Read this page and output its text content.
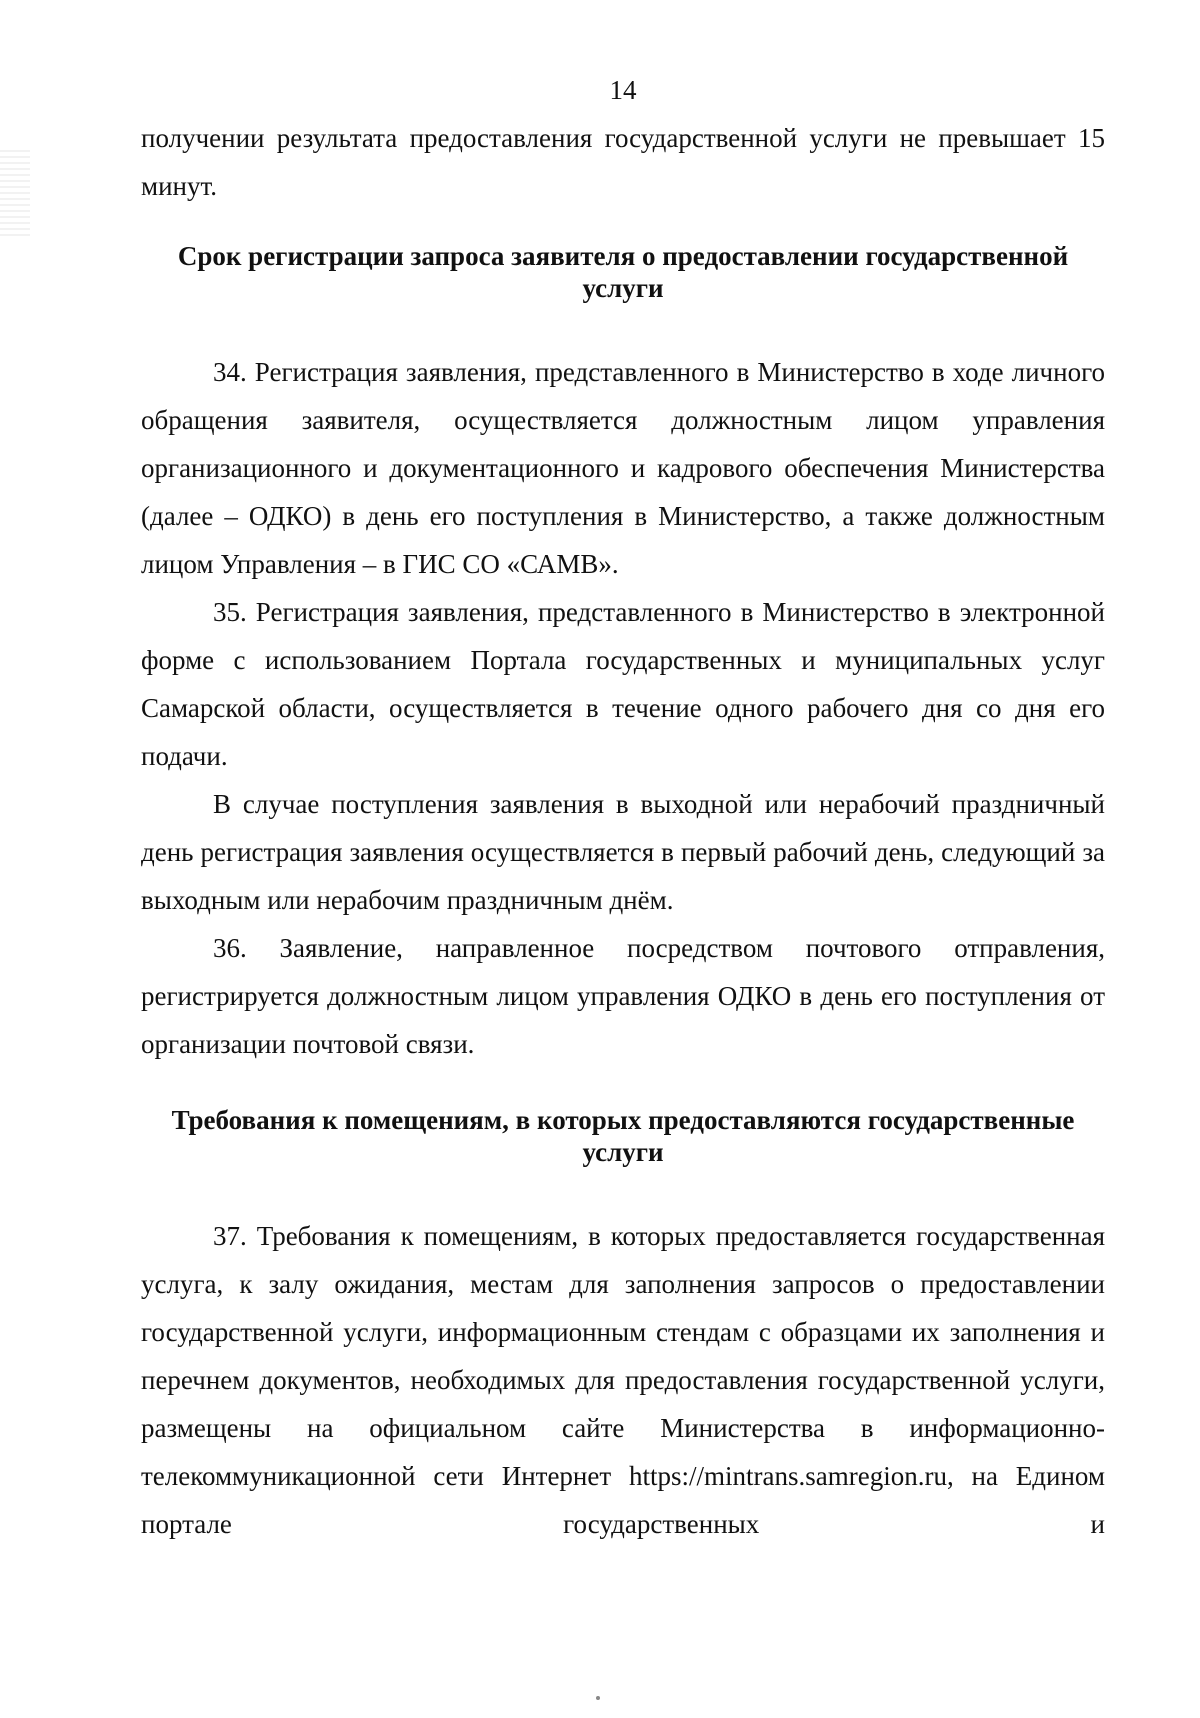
14

получении результата предоставления государственной услуги не превышает 15 минут.

Срок регистрации запроса заявителя о предоставлении государственной услуги

34. Регистрация заявления, представленного в Министерство в ходе личного обращения заявителя, осуществляется должностным лицом управления организационного и документационного и кадрового обеспечения Министерства (далее – ОДКО) в день его поступления в Министерство, а также должностным лицом Управления – в ГИС СО «САМВ».

35. Регистрация заявления, представленного в Министерство в электронной форме с использованием Портала государственных и муниципальных услуг Самарской области, осуществляется в течение одного рабочего дня со дня его подачи.

В случае поступления заявления в выходной или нерабочий праздничный день регистрация заявления осуществляется в первый рабочий день, следующий за выходным или нерабочим праздничным днём.

36. Заявление, направленное посредством почтового отправления, регистрируется должностным лицом управления ОДКО в день его поступления от организации почтовой связи.

Требования к помещениям, в которых предоставляются государственные услуги

37. Требования к помещениям, в которых предоставляется государственная услуга, к залу ожидания, местам для заполнения запросов о предоставлении государственной услуги, информационным стендам с образцами их заполнения и перечнем документов, необходимых для предоставления государственной услуги, размещены на официальном сайте Министерства в информационно-телекоммуникационной сети Интернет https://mintrans.samregion.ru, на Едином портале государственных и
